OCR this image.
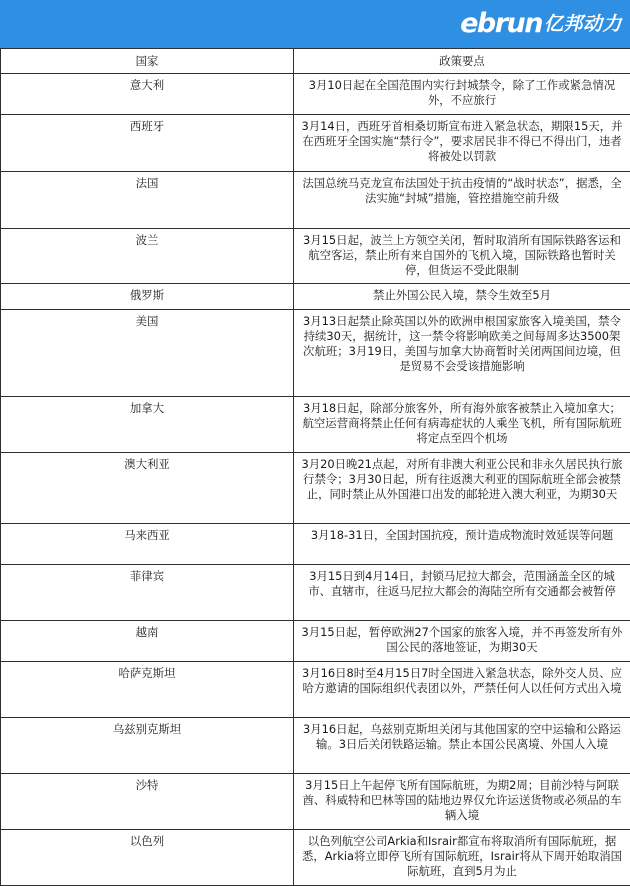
ebrun 亿邦动力
国家	政策要点
意大利	3月10日起在全国范围内实行封城禁令，除了工作或紧急情况外，不应旅行
西班牙	3月14日，西班牙首相桑切斯宣布进入紧急状态，期限15天，并在西班牙全国实施“禁行令”，要求居民非不得已不得出门，违者将被处以罚款
法国	法国总统马克龙宣布法国处于抗击疫情的“战时状态”，据悉，全法实施“封城”措施，管控措施空前升级
波兰	3月15日起，波兰上方领空关闭，暂时取消所有国际铁路客运和航空客运，禁止所有来自国外的飞机入境，国际铁路也暂时关停，但货运不受此限制
俄罗斯	禁止外国公民入境，禁令生效至5月
美国	3月13日起禁止除英国以外的欧洲申根国家旅客入境美国，禁令持续30天，据统计，这一禁令将影响欧美之间每周多达3500架次航班；3月19日，美国与加拿大协商暂时关闭两国间边境，但是贸易不会受该措施影响
加拿大	3月18日起，除部分旅客外，所有海外旅客被禁止入境加拿大；航空运营商将禁止任何有病毒症状的人乘坐飞机，所有国际航班将定点至四个机场
澳大利亚	3月20日晚21点起，对所有非澳大利亚公民和非永久居民执行旅行禁令；3月30日起，所有往返澳大利亚的国际航班全部会被禁止，同时禁止从外国港口出发的邮轮进入澳大利亚，为期30天
马来西亚	3月18-31日，全国封国抗疫，预计造成物流时效延误等问题
菲律宾	3月15日到4月14日，封锁马尼拉大都会，范围涵盖全区的城市、直辖市，往返马尼拉大都会的海陆空所有交通都会被暂停
越南	3月15日起，暂停欧洲27个国家的旅客入境，并不再签发所有外国公民的落地签证，为期30天
哈萨克斯坦	3月16日8时至4月15日7时全国进入紧急状态，除外交人员、应哈方邀请的国际组织代表团以外，严禁任何人以任何方式出入境
乌兹别克斯坦	3月16日起，乌兹别克斯坦关闭与其他国家的空中运输和公路运输。3日后关闭铁路运输。禁止本国公民离境、外国人入境
沙特	3月15日上午起停飞所有国际航班，为期2周；目前沙特与阿联酋、科威特和巴林等国的陆地边界仅允许运送货物或必须品的车辆入境
以色列	以色列航空公司Arkia和Israir都宣布将取消所有国际航班，据悉，Arkia将立即停飞所有国际航班，Israir将从下周开始取消国际航班，直到5月为止
